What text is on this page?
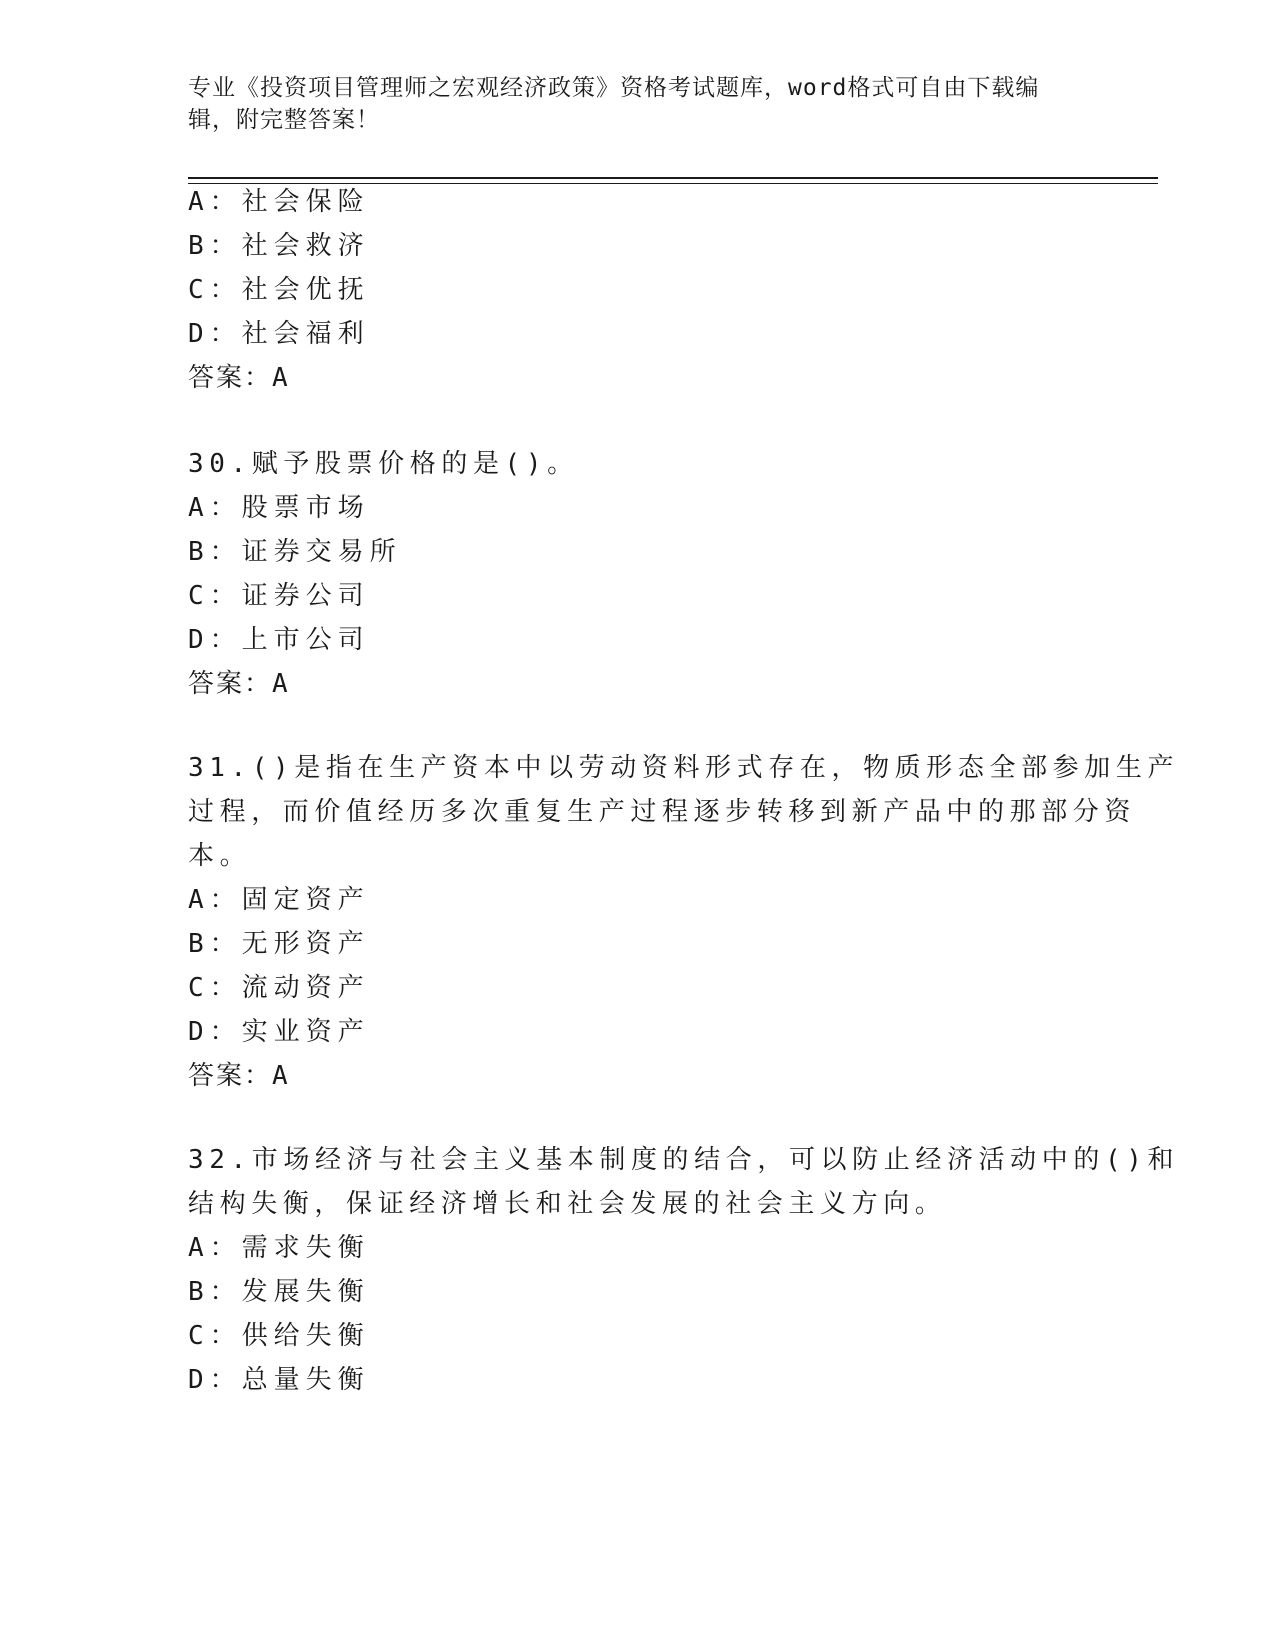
专业《投资项目管理师之宏观经济政策》资格考试题库，word格式可自由下载编
辑，附完整答案！
A：社会保险
B：社会救济
C：社会优抚
D：社会福利
答案：A
30.赋予股票价格的是()。
A：股票市场
B：证券交易所
C：证券公司
D：上市公司
答案：A
31.()是指在生产资本中以劳动资料形式存在，物质形态全部参加生产
过程，而价值经历多次重复生产过程逐步转移到新产品中的那部分资
本。
A：固定资产
B：无形资产
C：流动资产
D：实业资产
答案：A
32.市场经济与社会主义基本制度的结合，可以防止经济活动中的()和
结构失衡，保证经济增长和社会发展的社会主义方向。
A：需求失衡
B：发展失衡
C：供给失衡
D：总量失衡
